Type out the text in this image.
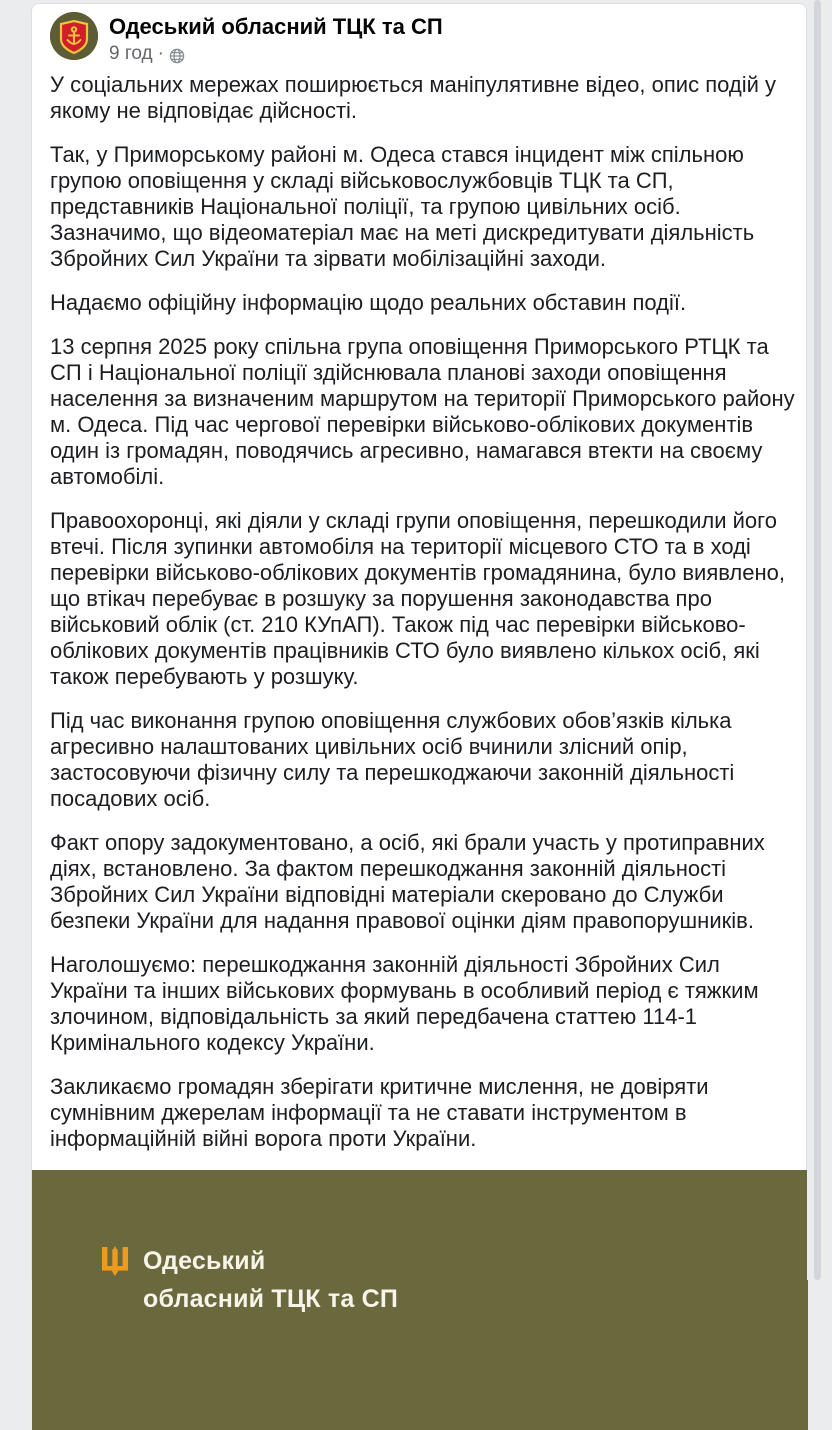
Одеський обласний ТЦК та СП
9 год ·

У соціальних мережах поширюється маніпулятивне відео, опис подій у якому не відповідає дійсності.

Так, у Приморському районі м. Одеса стався інцидент між спільною групою оповіщення у складі військовослужбовців ТЦК та СП, представників Національної поліції, та групою цивільних осіб. Зазначимо, що відеоматеріал має на меті дискредитувати діяльність Збройних Сил України та зірвати мобілізаційні заходи.

Надаємо офіційну інформацію щодо реальних обставин події.

13 серпня 2025 року спільна група оповіщення Приморського РТЦК та СП і Національної поліції здійснювала планові заходи оповіщення населення за визначеним маршрутом на території Приморського району м. Одеса. Під час чергової перевірки військово-облікових документів один із громадян, поводячись агресивно, намагався втекти на своєму автомобілі.

Правоохоронці, які діяли у складі групи оповіщення, перешкодили його втечі. Після зупинки автомобіля на території місцевого СТО та в ході перевірки військово-облікових документів громадянина, було виявлено, що втікач перебуває в розшуку за порушення законодавства про військовий облік (ст. 210 КУпАП). Також під час перевірки військово-облікових документів працівників СТО було виявлено кількох осіб, які також перебувають у розшуку.

Під час виконання групою оповіщення службових обов’язків кілька агресивно налаштованих цивільних осіб вчинили злісний опір, застосовуючи фізичну силу та перешкоджаючи законній діяльності посадових осіб.

Факт опору задокументовано, а осіб, які брали участь у протиправних діях, встановлено. За фактом перешкоджання законній діяльності Збройних Сил України відповідні матеріали скеровано до Служби безпеки України для надання правової оцінки діям правопорушників.

Наголошуємо: перешкоджання законній діяльності Збройних Сил України та інших військових формувань в особливий період є тяжким злочином, відповідальність за який передбачена статтею 114-1 Кримінального кодексу України.

Закликаємо громадян зберігати критичне мислення, не довіряти сумнівним джерелам інформації та не ставати інструментом в інформаційній війні ворога проти України.

Одеський
обласний ТЦК та СП
